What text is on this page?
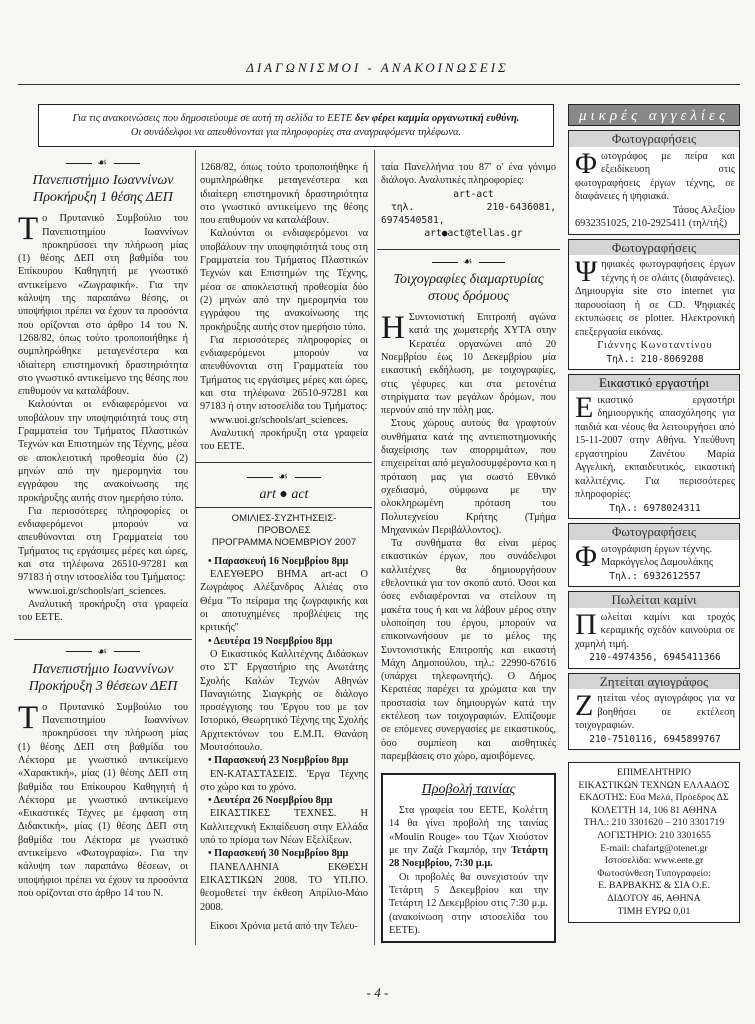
ΔΙΑΓΩΝΙΣΜΟΙ - ΑΝΑΚΟΙΝΩΣΕΙΣ
Για τις ανακοινώσεις που δημοσιεύουμε σε αυτή τη σελίδα το ΕΕΤΕ δεν φέρει καμμία οργανωτική ευθύνη.
Οι συνάδελφοι να απευθύνονται για πληροφορίες στα αναγραφόμενα τηλέφωνα.
☙
Πανεπιστήμιο Ιωαννίνων
Προκήρυξη 1 θέσης ΔΕΠ

Το Πρυτανικό Συμβούλιο του Πανεπιστημίου Ιωαννίνων προκηρύσσει την πλήρωση μίας (1) θέσης ΔΕΠ στη βαθμίδα του Επίκουρου Καθηγητή με γνωστικό αντικείμενο «Ζωγραφική». Για την κάλυψη της παραπάνω θέσης, οι υποψήφιοι πρέπει να έχουν τα προσόντα που ορίζονται στο άρθρο 14 του Ν. 1268/82, όπως τούτο τροποποιήθηκε ή συμπληρώθηκε μεταγενέστερα και ιδιαίτερη επιστημονική δραστηριότητα στο γνωστικό αντικείμενο της θέσης που επιθυμούν να καταλάβουν.

Καλούνται οι ενδιαφερόμενοι να υποβάλουν την υποψηφιότητά τους στη Γραμματεία του Τμήματος Πλαστικών Τεχνών και Επιστημών της Τέχνης, μέσα σε αποκλειστική προθεσμία δύο (2) μηνών από την ημερομηνία του εγγράφου της ανακοίνωσης της προκήρυξης αυτής στον ημερήσιο τύπο.

Για περισσότερες πληροφορίες οι ενδιαφερόμενοι μπορούν να απευθύνονται στη Γραμματεία του Τμήματος τις εργάσιμες μέρες και ώρες, και στα τηλέφωνα 26510-97281 και 97183 ή στην ιστοσελίδα του Τμήματος:

www.uoi.gr/schools/art_sciences.

Αναλυτική προκήρυξη στα γραφεία του ΕΕΤΕ.

☙
Πανεπιστήμιο Ιωαννίνων
Προκήρυξη 3 θέσεων ΔΕΠ

Το Πρυτανικό Συμβούλιο του Πανεπιστημίου Ιωαννίνων προκηρύσσει την πλήρωση μίας (1) θέσης ΔΕΠ στη βαθμίδα του Λέκτορα με γνωστικό αντικείμενο «Χαρακτική», μίας (1) θέσης ΔΕΠ στη βαθμίδα του Επίκουρου Καθηγητή ή Λέκτορα με γνωστικό αντικείμενο «Εικαστικές Τέχνες με έμφαση στη Διδακτική», μίας (1) θέσης ΔΕΠ στη βαθμίδα του Λέκτορα με γνωστικό αντικείμενο «Φωτογραφία». Για την κάλυψη των παραπάνω θέσεων, οι υποψήφιοι πρέπει να έχουν τα προσόντα που ορίζονται στο άρθρο 14 του Ν.

1268/82, όπως τούτο τροποποιήθηκε ή συμπληρώθηκε μεταγενέστερα και ιδιαίτερη επιστημονική δραστηριότητα στο γνωστικό αντικείμενο της θέσης που επιθυμούν να καταλάβουν.

Καλούνται οι ενδιαφερόμενοι να υποβάλουν την υποψηφιότητά τους στη Γραμματεία του Τμήματος Πλαστικών Τεχνών και Επιστημών της Τέχνης, μέσα σε αποκλειστική προθεσμία δύο (2) μηνών από την ημερομηνία του εγγράφου της ανακοίνωσης της προκήρυξης αυτής στον ημερήσιο τύπο.

Για περισσότερες πληροφορίες οι ενδιαφερόμενοι μπορούν να απευθύνονται στη Γραμματεία του Τμήματος τις εργάσιμες μέρες και ώρες, και στα τηλέφωνα 26510-97281 και 97183 ή στην ιστοσελίδα του Τμήματος:

www.uoi.gr/schools/art_sciences.

Αναλυτική προκήρυξη στα γραφεία του ΕΕΤΕ.

☙
art ● act
ΟΜΙΛΙΕΣ-ΣΥΖΗΤΗΣΕΙΣ-
ΠΡΟΒΟΛΕΣ
ΠΡΟΓΡΑΜΜΑ ΝΟΕΜΒΡΙΟΥ 2007

• Παρασκευή 16 Νοεμβρίου 8μμ

ΕΛΕΥΘΕΡΟ ΒΗΜΑ art-act Ο Ζωγράφος Αλέξανδρος Αλιέας στο Θέμα "Το πείραμα της ζωγραφικής και οι αποτυχημένες προβλέψεις της κριτικής"

• Δευτέρα 19 Νοεμβρίου 8μμ

Ο Εικαστικός Καλλιτέχνης Διδάσκων στο ΣΤ' Εργαστήριο της Ανωτάτης Σχολής Καλών Τεχνών Αθηνών Παναγιώτης Σιαγκρής σε διάλογο προσέγγισης του 'Εργου του με τον Ιστορικό, Θεωρητικό Τέχνης της Σχολής Αρχιτεκτόνων του Ε.Μ.Π. Θανάση Μουτσόπουλο.

• Παρασκευή 23 Νοεμβρίου 8μμ

ΕΝ-ΚΑΤΑΣΤΑΣΕΙΣ. 'Εργα Τέχνης στο χώρο και το χρόνο.

• Δευτέρα 26 Νοεμβρίου 8μμ

ΕΙΚΑΣΤΙΚΕΣ ΤΕΧΝΕΣ. Η Καλλιτεχνική Εκπαίδευση στην Ελλάδα υπό το πρίσμα των Νέων Εξελίξεων.

• Παρασκευή 30 Νοεμβρίου 8μμ

ΠΑΝΕΛΛΗΝΙΑ ΕΚΘΕΣΗ ΕΙΚΑΣΤΙΚΩΝ 2008. ΤΟ ΥΠ.ΠΟ. θεσμοθετεί την έκθεση Απρίλιο-Μάιο 2008.

Είκοσι Χρόνια μετά από την Τελευ-

ταία Πανελλήνια του 87' ο' ένα γόνιμο διάλογο. Αναλυτικές πληροφορίες:

art-act

τηλ. 210-6436081, 6974540581,

art●act@tellas.gr

☙
Τοιχογραφίες διαμαρτυρίας
στους δρόμους

Η Συντονιστική Επιτροπή αγώνα κατά της χωματερής ΧΥΤΑ στην Κερατέα οργανώνει από 20 Νοεμβρίου έως 10 Δεκεμβρίου μία εικαστική εκδήλωση, με τοιχογραφίες, στις γέφυρες και στα μετονέτια στηρίγματα των μεγάλων δρόμων, που περνούν από την πόλη μας.

Στους χώρους αυτούς θα γραφτούν συνθήματα κατά της αντιεπιστημονικής διαχείρισης των απορριμάτων, που επιχειρείται από μεγαλοσυμφέροντα και η πρόταση μας για σωστό Εθνικό σχεδιασμό, σύμφωνα με την ολοκληρωμένη πρόταση του Πολυτεχνείου Κρήτης (Τμήμα Μηχανικών Περιβάλλοντος).

Τα συνθήματα θα είναι μέρος εικαστικών έργων, που συνάδελφοι καλλιτέχνες θα δημιουργήσουν εθελοντικά για τον σκοπό αυτό. Όσοι και όσες ενδιαφέρονται να στείλουν τη μακέτα τους ή και να λάβουν μέρος στην υλοποίηση του έργου, μπορούν να επικοινωνήσουν με το μέλος της Συντονιστικής Επιτροπής και εικαστή Μάχη Δημοπούλου, τηλ.: 22990-67616 (υπάρχει τηλεφωνητής). Ο Δήμος Κερατέας παρέχει τα χρώματα και την προστασία των δημιουργών κατά την εκτέλεση των τοιχογραφιών. Ελπίζουμε σε επόμενες συνεργασίες με εικαστικούς, όσο συμπίεση και αισθητικές παρεμβάσεις στο χώρο, αμοιβόμενες.

Προβολή ταινίας

Στα γραφεία του ΕΕΤΕ, Κολέττη 14 θα γίνει προβολή της ταινίας «Moulin Rouge» του Τζων Χιούστον με την Ζαζά Γκαμπόρ, την Τετάρτη 28 Νοεμβρίου, 7:30 μ.μ.

Οι προβολές θα συνεχιστούν την Τετάρτη 5 Δεκεμβρίου και την Τετάρτη 12 Δεκεμβρίου στις 7:30 μ.μ. (ανακοίνωση στην ιστοσελίδα του ΕΕΤΕ).

μικρές αγγελίες
Φωτογραφήσεις
Φωτογράφος με πείρα και εξειδίκευση στις φωτογραφήσεις έργων τέχνης, σε διαφάνειες ή ψηφιακά.
Τάσος Αλεξίου
6932351025, 210-2925411 (τηλ/τήξ)
Φωτογραφήσεις
Ψηφιακές φωτογραφήσεις έργων τέχνης ή σε σλάιτς (διαφάνειες). Δημιουργία site στο internet για παρουσίαση ή σε CD. Ψηφιακές εκτυπώσεις σε plotter. Ηλεκτρονική επεξεργασία εικόνας.
Γιάννης Κωνσταντίνου
Τηλ.: 210-8069208
Εικαστικό εργαστήρι
Εικαστικό εργαστήρι δημιουργικής απασχόλησης για παιδιά και νέους θα λειτουργήσει από 15-11-2007 στην Αθήνα. Υπεύθυνη εργαστηρίου Ζανέτου Μαρία Αγγελική, εκπαιδευτικός, εικαστική καλλιτέχνις. Για περισσότερες πληροφορίες:
Τηλ.: 6978024311
Φωτογραφήσεις
Φωτογράφιση έργων τέχνης.
Μαρκόγγελος Δαμουλάκης
Τηλ.: 6932612557
Πωλείται καμίνι
Πωλείται καμίνι και τροχός κεραμικής σχεδόν καινούρια σε χαμηλή τιμή.
210-4974356, 6945411366
Ζητείται αγιογράφος
Ζητείται νέος αγιογράφος για να βοηθήσει σε εκτέλεση τοιχογραφιών.
210-7510116, 6945899767
ΕΠΙΜΕΛΗΤΗΡΙΟ
ΕΙΚΑΣΤΙΚΩΝ ΤΕΧΝΩΝ ΕΛΛΑΔΟΣ
ΕΚΔΟΤΗΣ: Εύα Μελά, Πρόεδρος ΔΣ
ΚΟΛΕΤΤΗ 14, 106 81 ΑΘΗΝΑ
ΤΗΛ.: 210 3301620 – 210 3301719
ΛΟΓΙΣΤΗΡΙΟ: 210 3301655
E-mail: chafartg@otenet.gr
Ιστοσελίδα: www.eete.gr
Φωτοσύνθεση Τυπογραφείο:
Ε. ΒΑΡΒΑΚΗΣ & ΣΙΑ Ο.Ε.
ΔΙΔΟΤΟΥ 46, ΑΘΗΝΑ
ΤΙΜΗ ΕΥΡΩ 0,01
- 4 -
